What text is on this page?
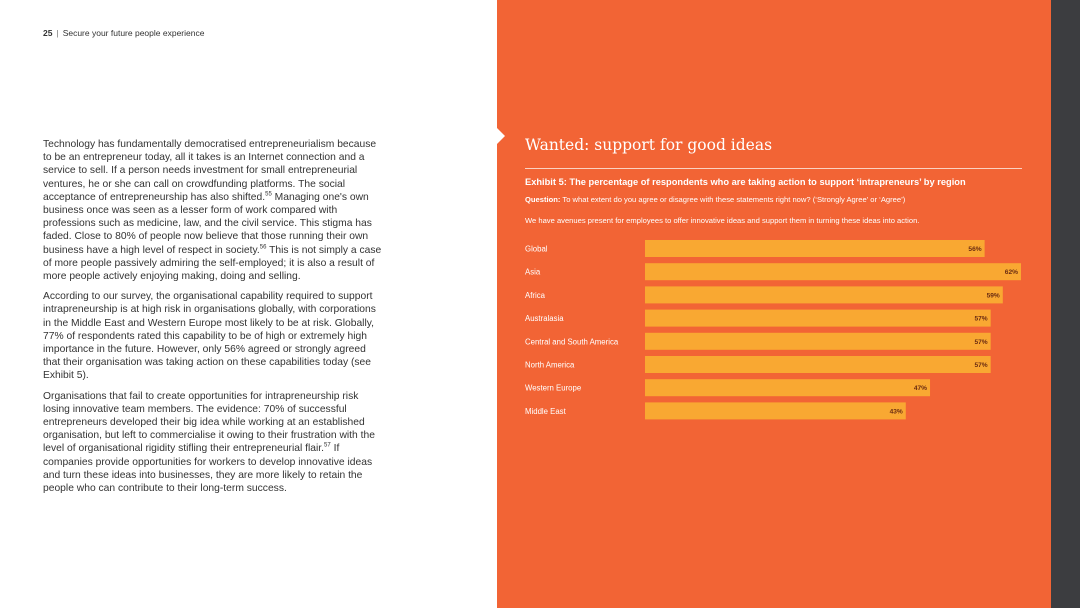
25 | Secure your future people experience

Technology has fundamentally democratised entrepreneurialism because to be an entrepreneur today, all it takes is an Internet connection and a service to sell. If a person needs investment for small entrepreneurial ventures, he or she can call on crowdfunding platforms. The social acceptance of entrepreneurship has also shifted.$^{55}$ Managing one's own business once was seen as a lesser form of work compared with professions such as medicine, law, and the civil service. This stigma has faded. Close to 80% of people now believe that those running their own business have a high level of respect in society.$^{56}$ This is not simply a case of more people passively admiring the self-employed; it is also a result of more people actively enjoying making, doing and selling.

According to our survey, the organisational capability required to support intrapreneurship is at high risk in organisations globally, with corporations in the Middle East and Western Europe most likely to be at risk. Globally, 77% of respondents rated this capability to be of high or extremely high importance in the future. However, only 56% agreed or strongly agreed that their organisation was taking action on these capabilities today (see Exhibit 5).

Organisations that fail to create opportunities for intrapreneurship risk losing innovative team members. The evidence: 70% of successful entrepreneurs developed their big idea while working at an established organisation, but left to commercialise it owing to their frustration with the level of organisational rigidity stifling their entrepreneurial flair.$^{57}$ If companies provide opportunities for workers to develop innovative ideas and turn these ideas into businesses, they are more likely to retain the people who can contribute to their long-term success.

Wanted: support for good ideas
Exhibit 5: The percentage of respondents who are taking action to support ‘intrapreneurs’ by region
Question: To what extent do you agree or disagree with these statements right now? (‘Strongly Agree’ or ‘Agree’)
We have avenues present for employees to offer innovative ideas and support them in turning these ideas into action.
Global	56%
Asia	62%
Africa	59%
Australasia	57%
Central and South America	57%
North America	57%
Western Europe	47%
Middle East	43%
